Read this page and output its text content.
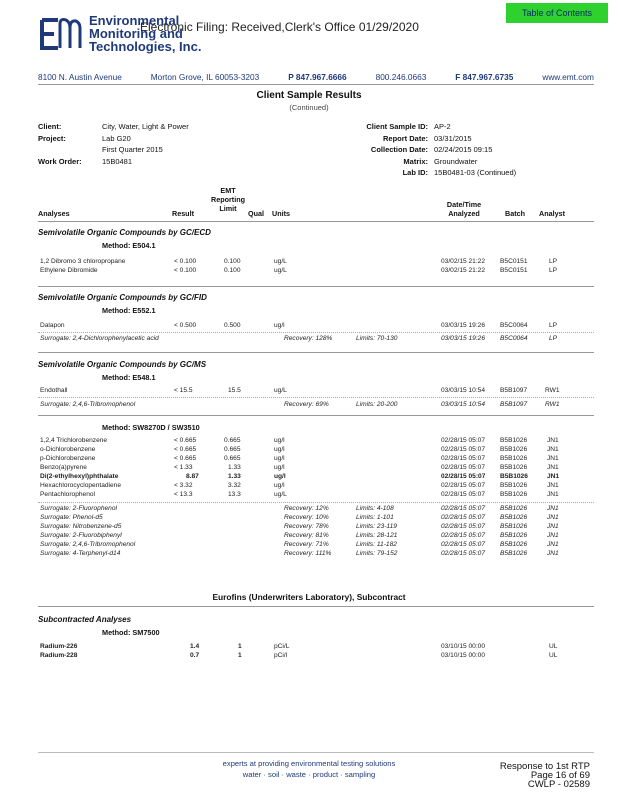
Environmental
Monitoring and
Technologies, Inc.
Electronic Filing: Received,Clerk's Office 01/29/2020
Table of Contents
8100 N. Austin Avenue	Morton Grove, IL 60053-3203	P 847.967.6666	800.246.0663	F 847.967.6735	www.emt.com
Client Sample Results
(Continued)
Client:	City, Water, Light & Power
Project:	Lab G20
First Quarter 2015
Work Order:	15B0481
Client Sample ID: AP-2
Report Date: 03/31/2015
Collection Date: 02/24/2015 09:15
Matrix: Groundwater
Lab ID: 15B0481-03 (Continued)
Analyses	Result
EMT
Reporting
Limit
Qual Units
Date/Time
Analyzed	Batch Analyst
Semivolatile Organic Compounds by GC/ECD
Method: E504.1
1,2 Dibromo 3 chloropropane	< 0.100	0.100	ug/L	03/02/15 21:22 B5C0151	LP
Ethylene Dibromide	< 0.100	0.100	ug/L	03/02/15 21:22 B5C0151	LP
Semivolatile Organic Compounds by GC/FID
Method: E552.1
Dalapon	< 0.500	0.500	ug/l	03/03/15 19:26 B5C0064	LP
Surrogate: 2,4-Dichlorophenylacetic acid	Recovery: 128%	Limits: 70-130	03/03/15 19:26 B5C0064	LP
Semivolatile Organic Compounds by GC/MS
Method: E548.1
Endothall	< 15.5	15.5	ug/L	03/03/15 10:54 B5B1097	RW1
Surrogate: 2,4,6-Tribromophenol	Recovery: 69%	Limits: 20-200	03/03/15 10:54 B5B1097	RW1
Method: SW8270D / SW3510
1,2,4 Trichlorobenzene	< 0.665	0.665	ug/l	02/28/15 05:07 B5B1026	JN1
o-Dichlorobenzene	< 0.665	0.665	ug/l	02/28/15 05:07 B5B1026	JN1
p-Dichlorobenzene	< 0.665	0.665	ug/l	02/28/15 05:07 B5B1026	JN1
Benzo(a)pyrene	< 1.33	1.33	ug/l	02/28/15 05:07 B5B1026	JN1
Di(2-ethylhexyl)phthalate	8.87	1.33	ug/l	02/28/15 05:07 B5B1026	JN1
Hexachlorocyclopentadiene	< 3.32	3.32	ug/l	02/28/15 05:07 B5B1026	JN1
Pentachlorophenol	< 13.3	13.3	ug/L	02/28/15 05:07 B5B1026	JN1
Surrogate: 2-Fluorophenol	Recovery: 12%	Limits: 4-108	02/28/15 05:07 B5B1026	JN1
Surrogate: Phenol-d5	Recovery: 10%	Limits: 1-101	02/28/15 05:07 B5B1026	JN1
Surrogate: Nitrobenzene-d5	Recovery: 78%	Limits: 23-119	02/28/15 05:07 B5B1026	JN1
Surrogate: 2-Fluorobiphenyl	Recovery: 81%	Limits: 28-121	02/28/15 05:07 B5B1026	JN1
Surrogate: 2,4,6-Tribromophenol	Recovery: 71%	Limits: 11-182	02/28/15 05:07 B5B1026	JN1
Surrogate: 4-Terphenyl-d14	Recovery: 111%	Limits: 79-152	02/28/15 05:07 B5B1026	JN1
Eurofins (Underwriters Laboratory), Subcontract
Subcontracted Analyses
Method: SM7500
Radium-226	1.4	1	pCi/L	03/10/15 00:00	UL
Radium-228	0.7	1	pCi/l	03/10/15 00:00	UL
experts at providing environmental testing solutions
water · soil · waste · product · sampling
Response to 1st RTP
Page 16 of 69
CWLP - 02589
